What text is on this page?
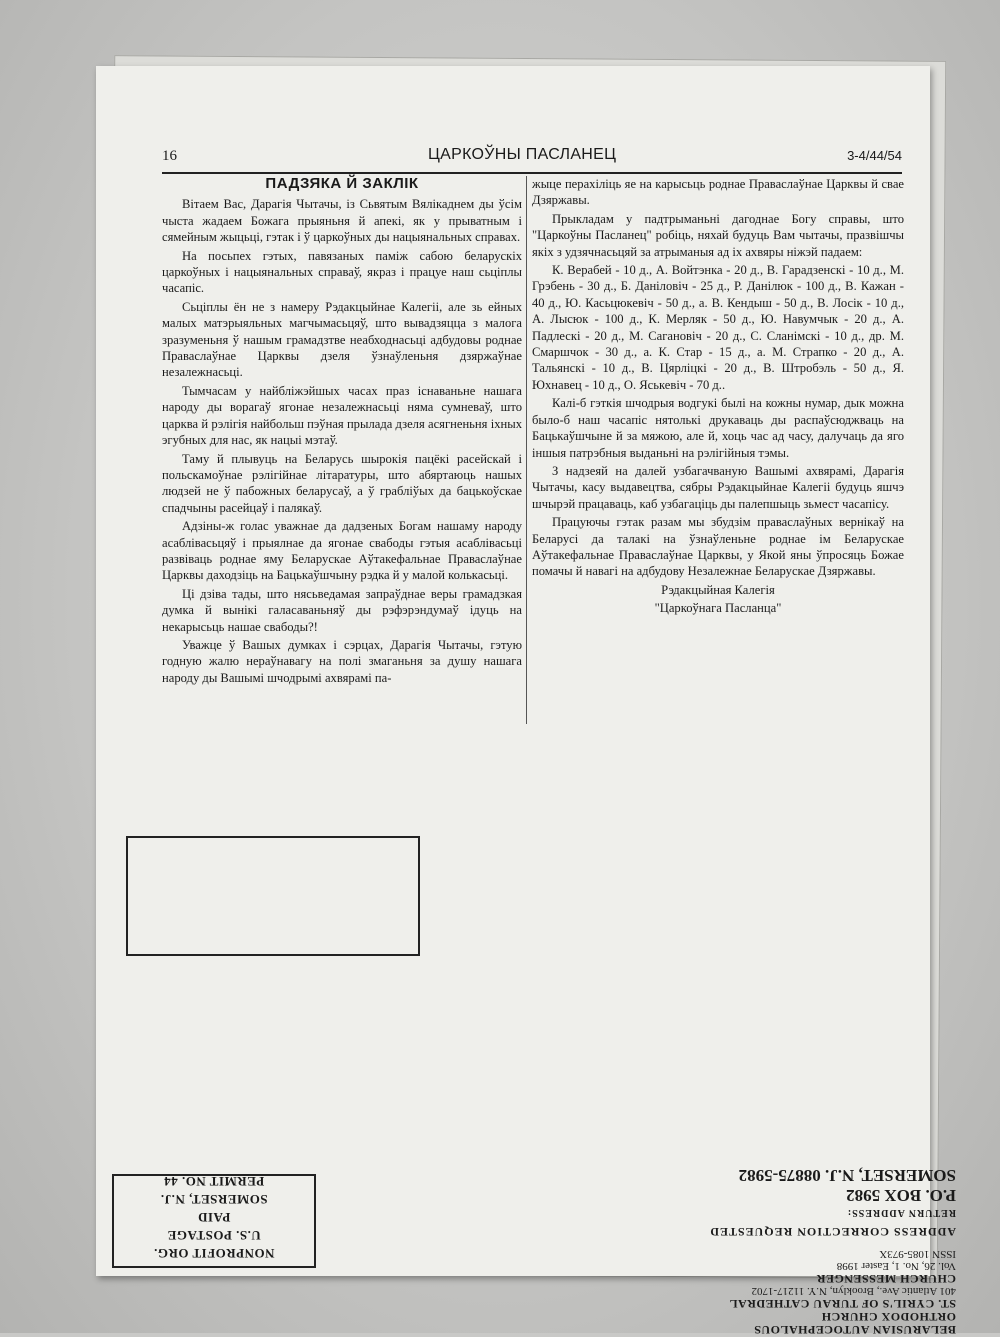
16	ЦАРКОЎНЫ ПАСЛАНЕЦ	3-4/44/54
ПАДЗЯКА Й ЗАКЛІК

Вітаем Вас, Дарагія Чытачы, із Сьвятым Вялікаднем ды ўсім чыста жадаем Божага прыяньня й апекі, як у прыватным і сямейным жыцьці, гэтак і ў царкоўных ды нацыянальных справах.

На посьпех гэтых, павязаных паміж сабою беларускіх царкоўных і нацыянальных справаў, якраз і працуе наш сьціплы часапіс.

Сьціплы ён не з намеру Рэдакцыйнае Калегіі, але зь ейных малых матэрыяльных магчымасьцяў, што вывадзяцца з малога зразуменьня ў нашым грамадзтве неабходнасьці адбудовы роднае Праваслаўнае Царквы дзеля ўзнаўленьня дзяржаўнае незалежнасьці.

Тымчасам у найбліжэйшых часах праз існаваньне нашага народу ды ворагаў ягонае незалежнасьці няма сумневаў, што царква й рэлігія найбольш пэўная прылада дзеля асягненьня іхных эгубных для нас, як нацыі мэтаў.

Таму й плывуць на Беларусь шырокія пацёкі расейскай і польскамоўнае рэлігійнае літаратуры, што абяртаюць нашых людзей не ў пабожных беларусаў, а ў грабліўых да бацькоўскае спадчыны расейцаў і палякаў.

Адзіны-ж голас уважнае да дадзеных Богам нашаму народу асаблівасьцяў і прыялнае да ягонае свабоды гэтыя асаблівасьці развіваць роднае яму Беларускае Аўтакефальнае Праваслаўнае Царквы даходзіць на Бацькаўшчыну рэдка й у малой колькасьці.

Ці дзіва тады, што нясьведамая запраўднае веры грамадзкая думка й вынікі галасаваньняў ды рэфэрэндумаў ідуць на некарысьць нашае свабоды?!

Уважце ў Вашых думках і сэрцах, Дарагія Чытачы, гэтую годную жалю нераўнавагу на полі змаганьня за душу нашага народу ды Вашымі шчодрымі ахвярамі па-

жыце перахіліць яе на карысьць роднае Праваслаўнае Царквы й свае Дзяржавы.

Прыкладам у падтрыманьні дагоднае Богу справы, што "Царкоўны Пасланец" робіць, няхай будуць Вам чытачы, празвішчы якіх з удзячнасьцяй за атрыманыя ад іх ахвяры ніжэй падаем:

К. Верабей - 10 д., А. Войтэнка - 20 д., В. Гарадзенскі - 10 д., М. Грэбень - 30 д., Б. Даніловіч - 25 д., Р. Данілюк - 100 д., В. Кажан - 40 д., Ю. Касьцюкевіч - 50 д., а. В. Кендыш - 50 д., В. Лосік - 10 д., А. Лысюк - 100 д., К. Мерляк - 50 д., Ю. Навумчык - 20 д., А. Падлескі - 20 д., М. Сагановіч - 20 д., С. Сланімскі - 10 д., др. М. Смаршчок - 30 д., а. К. Стар - 15 д., а. М. Страпко - 20 д., А. Тальянскі - 10 д., В. Цярліцкі - 20 д., В. Штробэль - 50 д., Я. Юхнавец - 10 д., О. Яськевіч - 70 д..

Калі-б гэткія шчодрыя водгукі былі на кожны нумар, дык можна было-б наш часапіс нятолькі друкаваць ды распаўсюджваць на Бацькаўшчыне й за мяжою, але й, хоць час ад часу, далучаць да яго іншыя патрэбныя выданьні на рэлігійныя тэмы.

З надзеяй на далей узбагачваную Вашымі ахвярамі, Дарагія Чытачы, касу выдавецтва, сябры Рэдакцыйнае Калегіі будуць яшчэ шчырэй працаваць, каб узбагаціць ды палепшыць зьмест часапісу.

Працуючы гэтак разам мы збудзім праваслаўных вернікаў на Беларусі да талакі на ўзнаўленьне роднае ім Беларускае Аўтакефальнае Праваслаўнае Царквы, у Якой яны ўпросяць Божае помачы й навагі на адбудову Незалежнае Беларускае Дзяржавы.

Рэдакцыйная Калегія
"Царкоўнага Пасланца"
BELARUSIAN AUTOCEPHALOUS
ORTHODOX CHURCH
ST. CYRIL'S OF TURAU CATHEDRAL
401 Atlantic Ave., Brooklyn, N.Y. 11217-1702
CHURCH MESSENGER
Vol. 26, No. 1, Easter 1998
ISSN 1085-973X
ADDRESS CORRECTION REQUESTED
RETURN ADDRESS:
P.O. BOX 5982
SOMERSET, N.J. 08875-5982
NONPROFIT ORG.
U.S. POSTAGE
PAID
SOMERSET, N.J.
PERMIT NO. 44
